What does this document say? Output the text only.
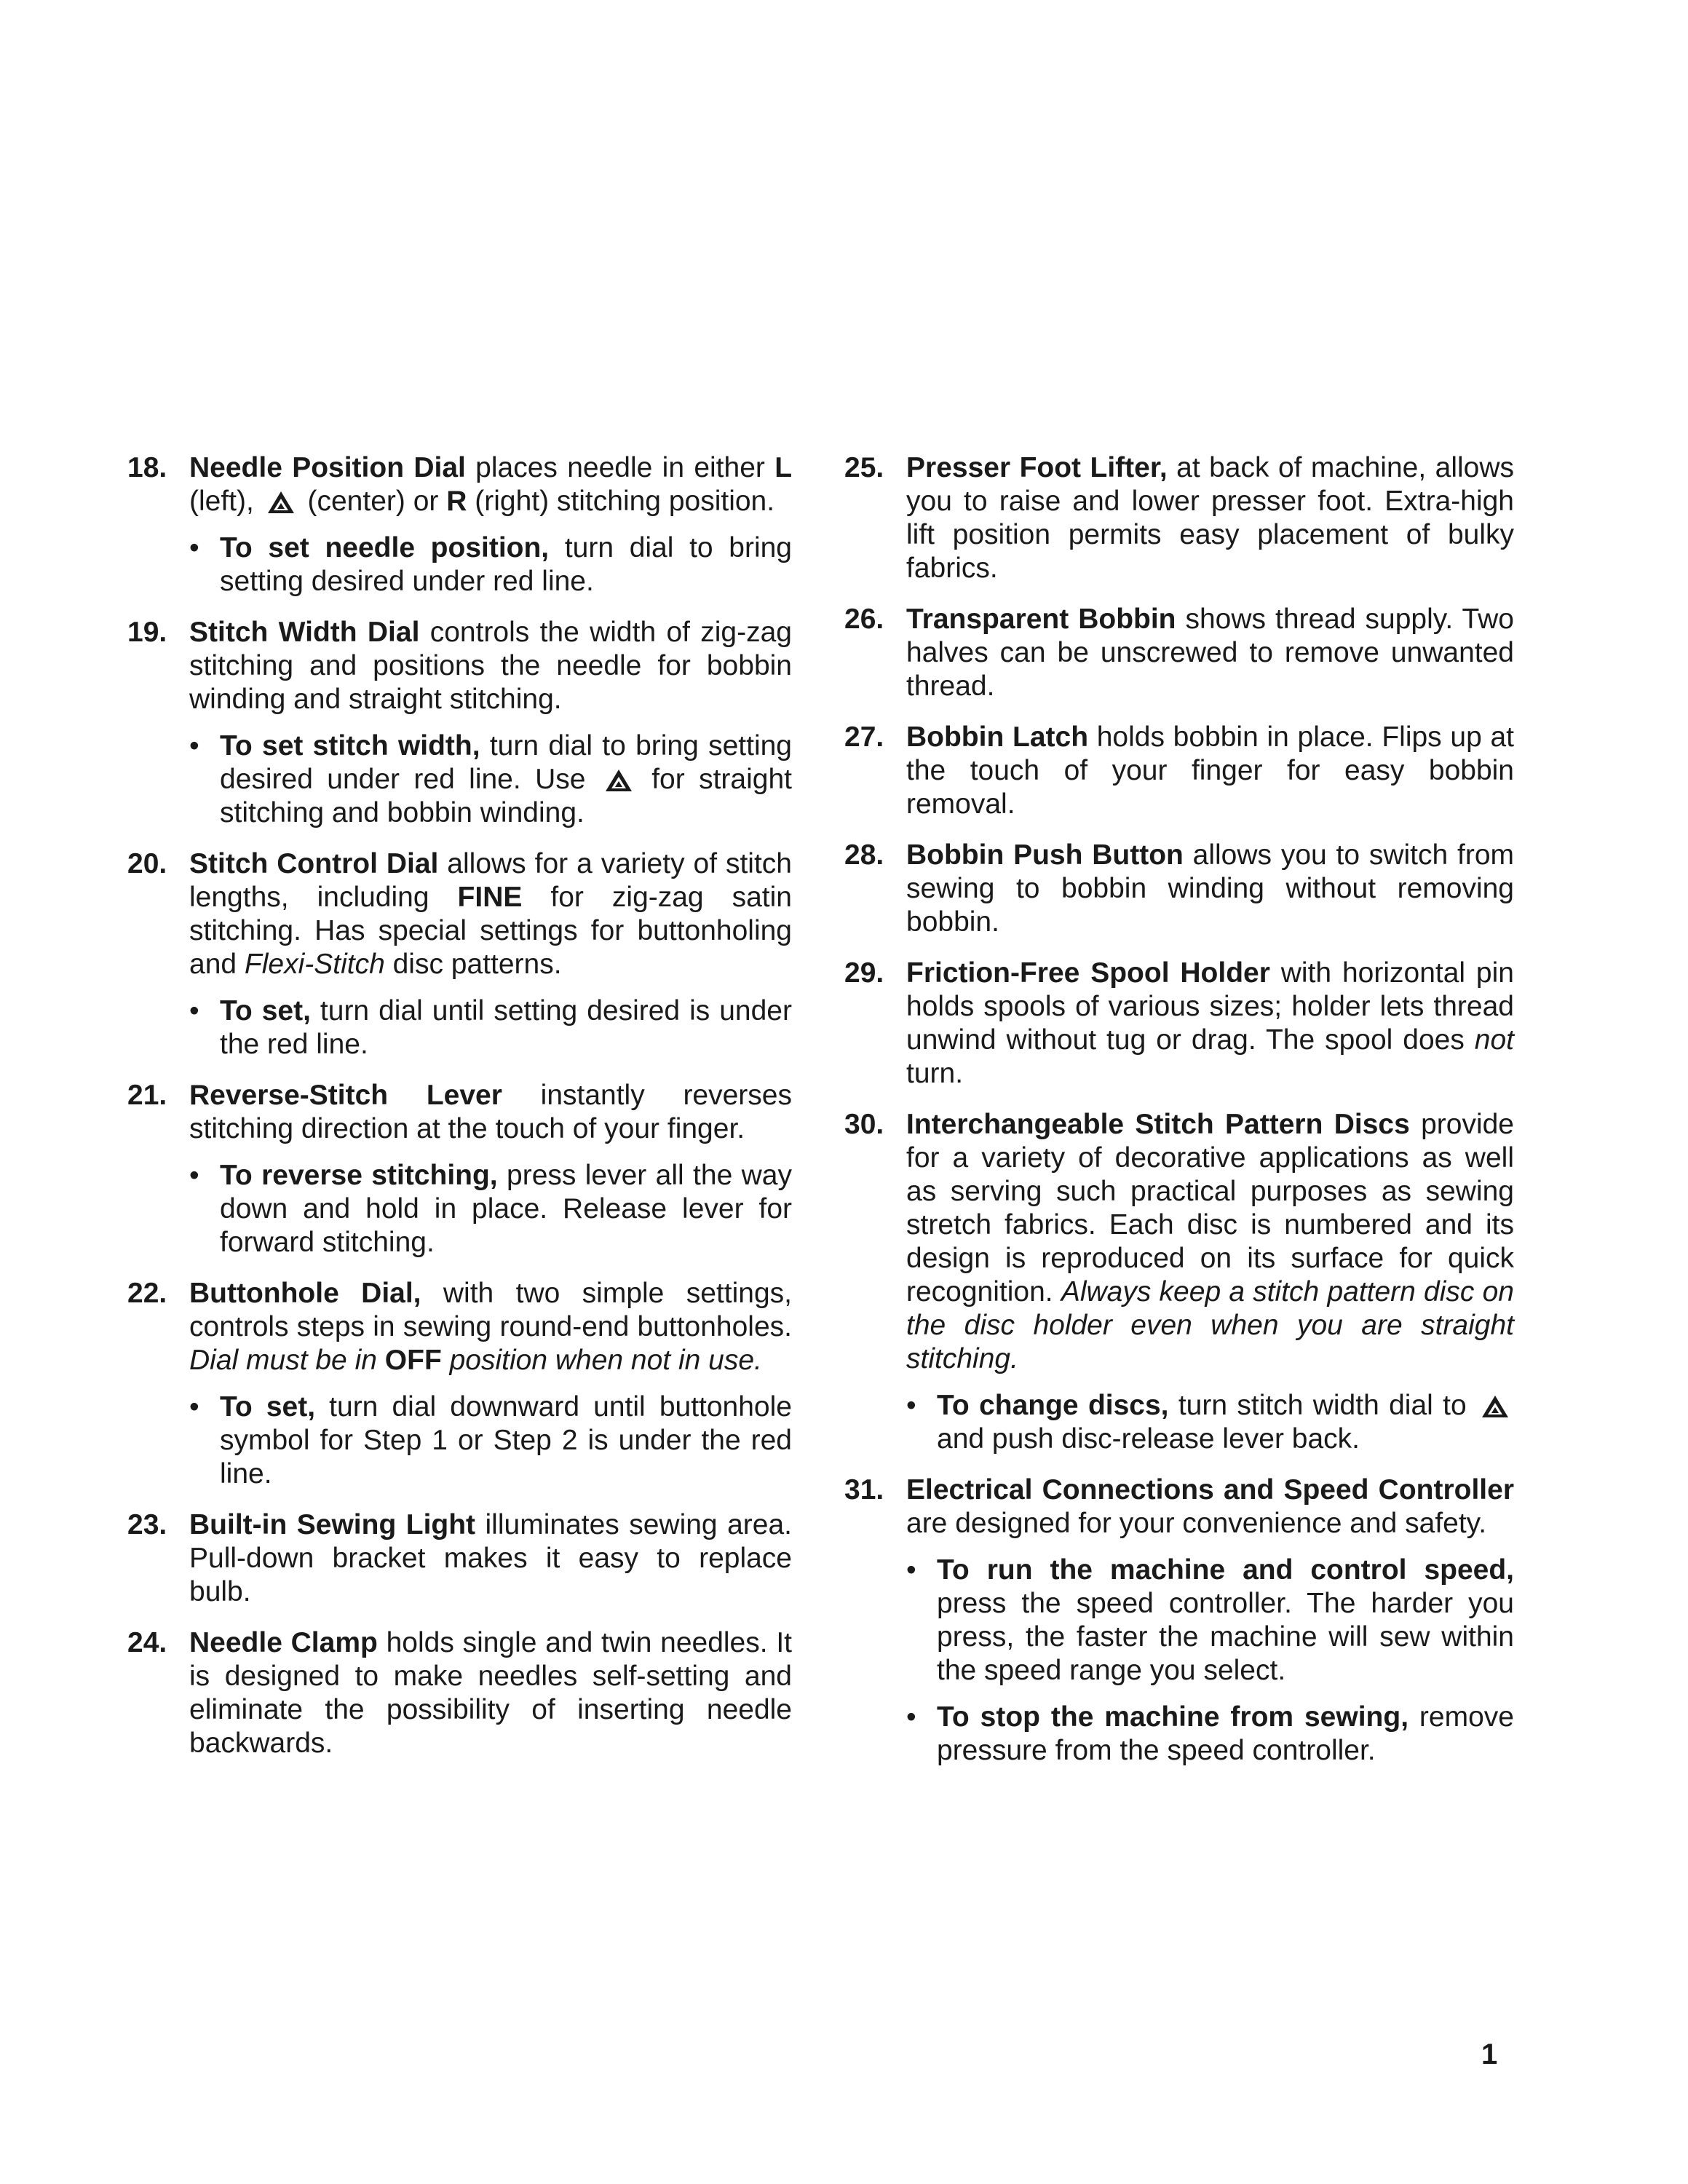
18. Needle Position Dial places needle in either L (left),  (center) or R (right) stitching position.
• To set needle position, turn dial to bring setting desired under red line.
19. Stitch Width Dial controls the width of zig-zag stitching and positions the needle for bobbin winding and straight stitching.
• To set stitch width, turn dial to bring setting desired under red line. Use  for straight stitching and bobbin winding.
20. Stitch Control Dial allows for a variety of stitch lengths, including FINE for zig-zag satin stitching. Has special settings for buttonholing and Flexi-Stitch disc patterns.
• To set, turn dial until setting desired is under the red line.
21. Reverse-Stitch Lever instantly reverses stitching direction at the touch of your finger.
• To reverse stitching, press lever all the way down and hold in place. Release lever for forward stitching.
22. Buttonhole Dial, with two simple settings, controls steps in sewing round-end buttonholes. Dial must be in OFF position when not in use.
• To set, turn dial downward until buttonhole symbol for Step 1 or Step 2 is under the red line.
23. Built-in Sewing Light illuminates sewing area. Pull-down bracket makes it easy to replace bulb.
24. Needle Clamp holds single and twin needles. It is designed to make needles self-setting and eliminate the possibility of inserting needle backwards.
25. Presser Foot Lifter, at back of machine, allows you to raise and lower presser foot. Extra-high lift position permits easy placement of bulky fabrics.
26. Transparent Bobbin shows thread supply. Two halves can be unscrewed to remove unwanted thread.
27. Bobbin Latch holds bobbin in place. Flips up at the touch of your finger for easy bobbin removal.
28. Bobbin Push Button allows you to switch from sewing to bobbin winding without removing bobbin.
29. Friction-Free Spool Holder with horizontal pin holds spools of various sizes; holder lets thread unwind without tug or drag. The spool does not turn.
30. Interchangeable Stitch Pattern Discs provide for a variety of decorative applications as well as serving such practical purposes as sewing stretch fabrics. Each disc is numbered and its design is reproduced on its surface for quick recognition. Always keep a stitch pattern disc on the disc holder even when you are straight stitching.
• To change discs, turn stitch width dial to  and push disc-release lever back.
31. Electrical Connections and Speed Controller are designed for your convenience and safety.
• To run the machine and control speed, press the speed controller. The harder you press, the faster the machine will sew within the speed range you select.
• To stop the machine from sewing, remove pressure from the speed controller.
1
